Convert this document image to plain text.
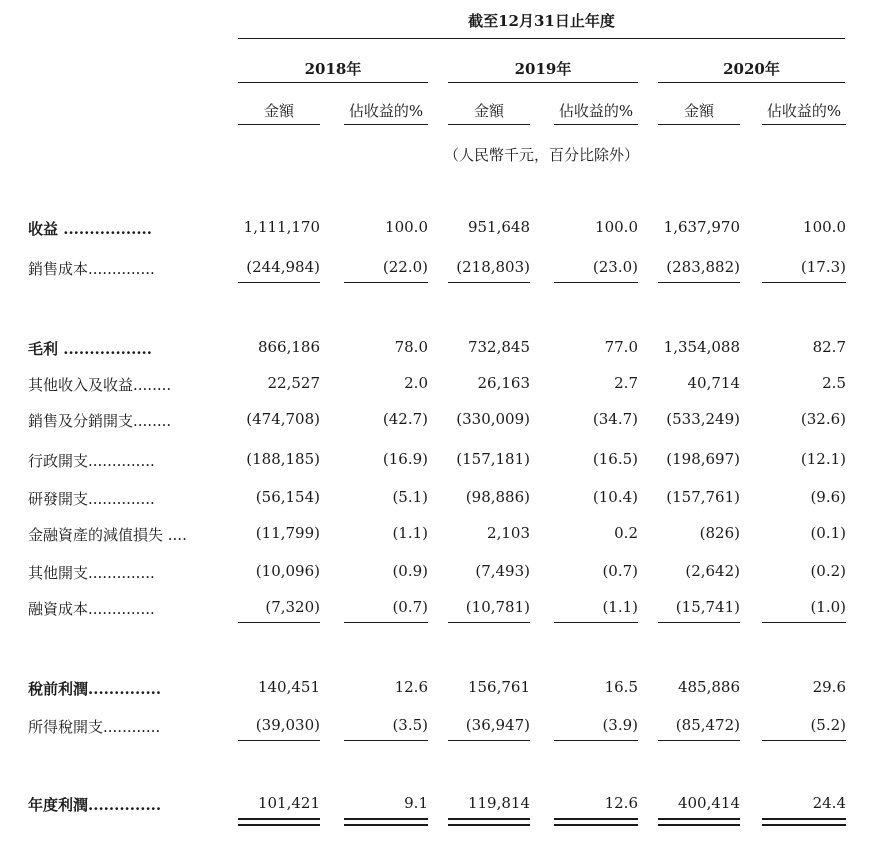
截至12月31日止年度
2018年	2019年	2020年
金額	佔收益的%	金額	佔收益的%	金額	佔收益的%
（人民幣千元，百分比除外）
收益 .................	1,111,170	100.0	951,648	100.0	1,637,970	100.0
銷售成本..............	(244,984)	(22.0)	(218,803)	(23.0)	(283,882)	(17.3)
毛利 .................	866,186	78.0	732,845	77.0	1,354,088	82.7
其他收入及收益........	22,527	2.0	26,163	2.7	40,714	2.5
銷售及分銷開支........	(474,708)	(42.7)	(330,009)	(34.7)	(533,249)	(32.6)
行政開支..............	(188,185)	(16.9)	(157,181)	(16.5)	(198,697)	(12.1)
研發開支..............	(56,154)	(5.1)	(98,886)	(10.4)	(157,761)	(9.6)
金融資產的減值損失 ....	(11,799)	(1.1)	2,103	0.2	(826)	(0.1)
其他開支..............	(10,096)	(0.9)	(7,493)	(0.7)	(2,642)	(0.2)
融資成本..............	(7,320)	(0.7)	(10,781)	(1.1)	(15,741)	(1.0)
稅前利潤..............	140,451	12.6	156,761	16.5	485,886	29.6
所得稅開支............	(39,030)	(3.5)	(36,947)	(3.9)	(85,472)	(5.2)
年度利潤..............	101,421	9.1	119,814	12.6	400,414	24.4
